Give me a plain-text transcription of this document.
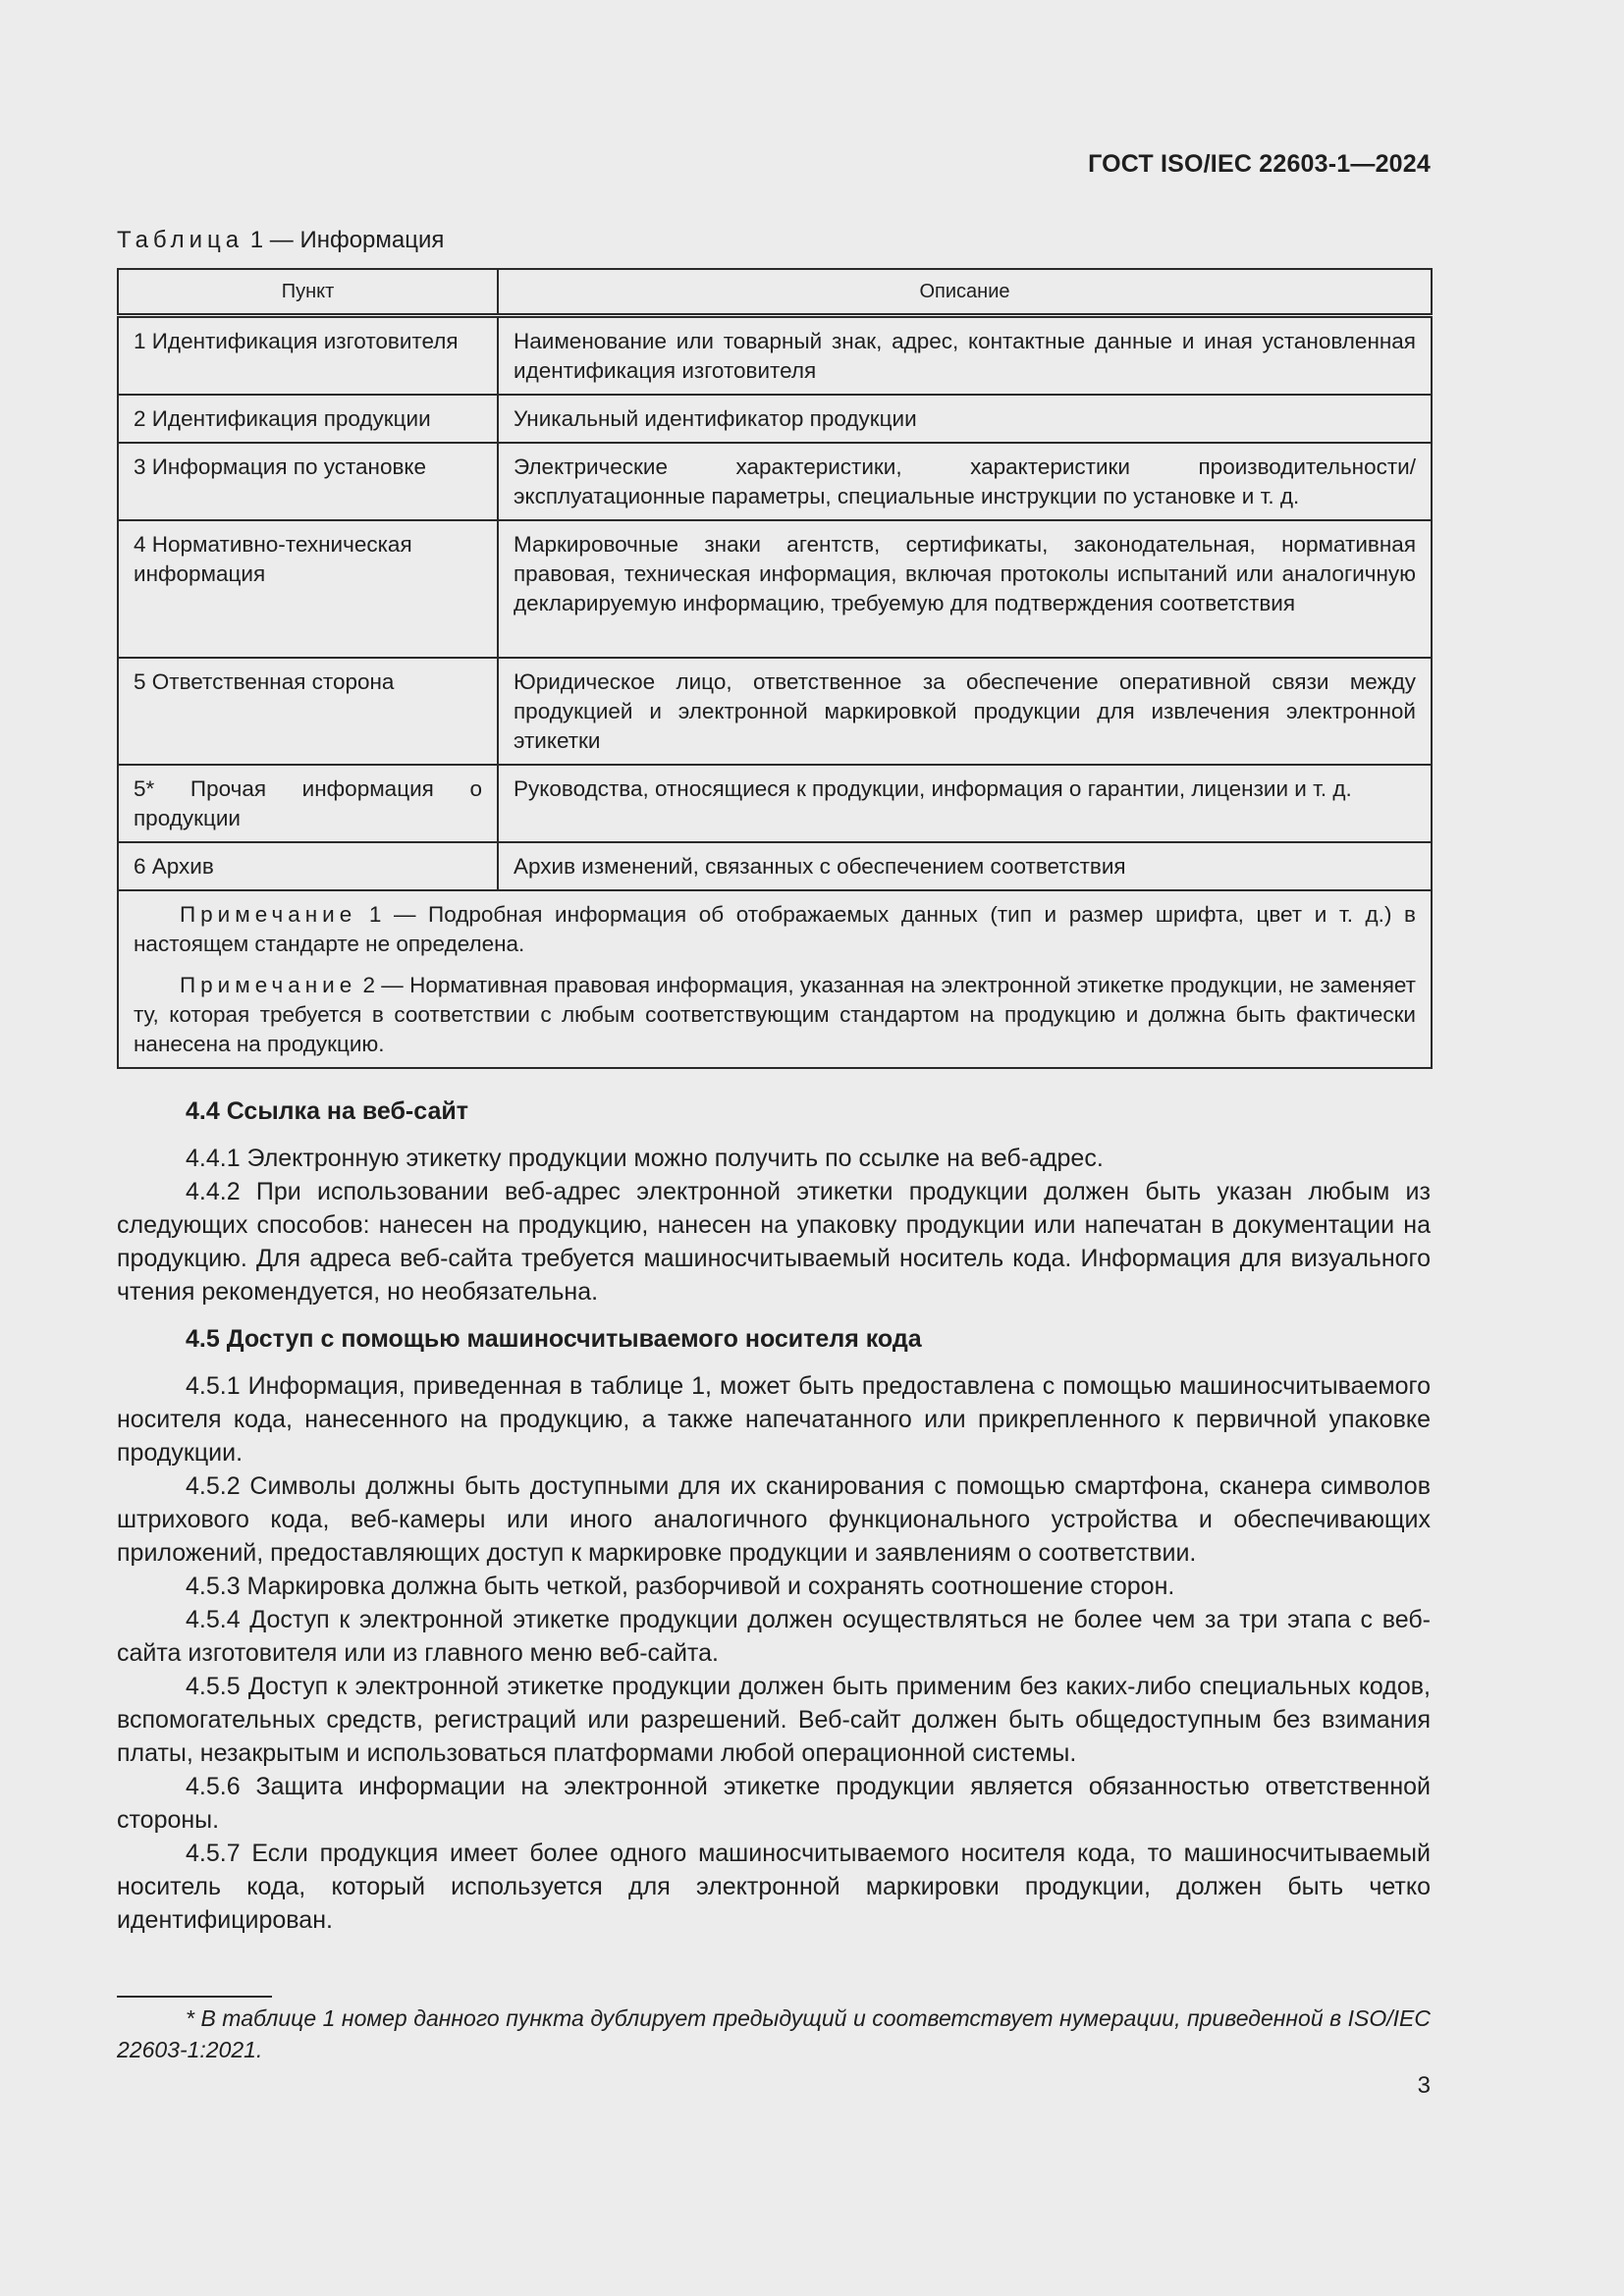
ГОСТ ISO/IEC 22603-1—2024
Таблица 1 — Информация
Пункт	Описание
1 Идентификация изготовителя	Наименование или товарный знак, адрес, контактные данные и иная установленная идентификация изготовителя
2 Идентификация продукции	Уникальный идентификатор продукции
3 Информация по установке	Электрические характеристики, характеристики производительности/эксплуатационные параметры, специальные инструкции по установке и т. д.
4 Нормативно-техническая информация	Маркировочные знаки агентств, сертификаты, законодательная, нормативная правовая, техническая информация, включая протоколы испытаний или аналогичную декларируемую информацию, требуемую для подтверждения соответствия
5 Ответственная сторона	Юридическое лицо, ответственное за обеспечение оперативной связи между продукцией и электронной маркировкой продукции для извлечения электронной этикетки
5* Прочая информация о продукции	Руководства, относящиеся к продукции, информация о гарантии, лицензии и т. д.
6 Архив	Архив изменений, связанных с обеспечением соответствия

Примечание 1 — Подробная информация об отображаемых данных (тип и размер шрифта, цвет и т. д.) в настоящем стандарте не определена.

Примечание 2 — Нормативная правовая информация, указанная на электронной этикетке продукции, не заменяет ту, которая требуется в соответствии с любым соответствующим стандартом на продукцию и должна быть фактически нанесена на продукцию.	

4.4 Ссылка на веб-сайт

4.4.1 Электронную этикетку продукции можно получить по ссылке на веб-адрес.

4.4.2 При использовании веб-адрес электронной этикетки продукции должен быть указан любым из следующих способов: нанесен на продукцию, нанесен на упаковку продукции или напечатан в документации на продукцию. Для адреса веб-сайта требуется машиносчитываемый носитель кода. Информация для визуального чтения рекомендуется, но необязательна.

4.5 Доступ с помощью машиносчитываемого носителя кода

4.5.1 Информация, приведенная в таблице 1, может быть предоставлена с помощью машиносчитываемого носителя кода, нанесенного на продукцию, а также напечатанного или прикрепленного к первичной упаковке продукции.

4.5.2 Символы должны быть доступными для их сканирования с помощью смартфона, сканера символов штрихового кода, веб-камеры или иного аналогичного функционального устройства и обеспечивающих приложений, предоставляющих доступ к маркировке продукции и заявлениям о соответствии.

4.5.3 Маркировка должна быть четкой, разборчивой и сохранять соотношение сторон.

4.5.4 Доступ к электронной этикетке продукции должен осуществляться не более чем за три этапа с веб-сайта изготовителя или из главного меню веб-сайта.

4.5.5 Доступ к электронной этикетке продукции должен быть применим без каких-либо специальных кодов, вспомогательных средств, регистраций или разрешений. Веб-сайт должен быть общедоступным без взимания платы, незакрытым и использоваться платформами любой операционной системы.

4.5.6 Защита информации на электронной этикетке продукции является обязанностью ответственной стороны.

4.5.7 Если продукция имеет более одного машиносчитываемого носителя кода, то машиносчитываемый носитель кода, который используется для электронной маркировки продукции, должен быть четко идентифицирован.

* В таблице 1 номер данного пункта дублирует предыдущий и соответствует нумерации, приведенной в ISO/IEC 22603-1:2021.
3
